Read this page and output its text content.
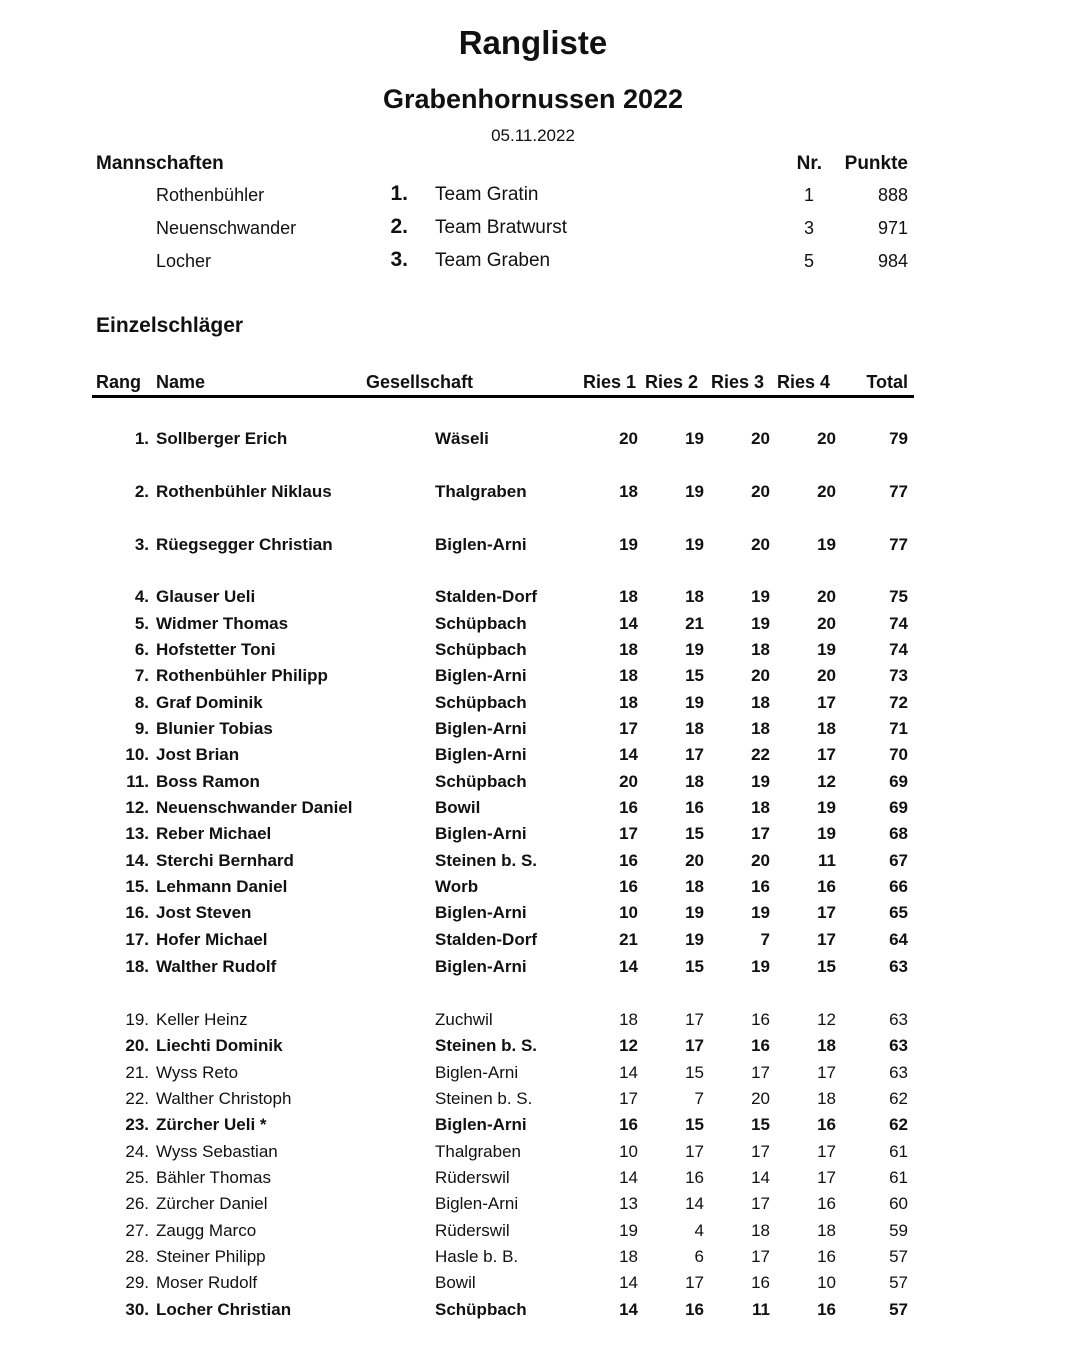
Rangliste
Grabenhornussen 2022
05.11.2022
Mannschaften	Nr.	Punkte
Rothenbühler	1. Team Gratin	1	888
Neuenschwander	2. Team Bratwurst	3	971
Locher	3. Team Graben	5	984
Einzelschläger
Rang Name	Gesellschaft	Ries 1 Ries 2 Ries 3 Ries 4	Total
1. Sollberger Erich	Wäseli	20	19	20	20	79
2. Rothenbühler Niklaus	Thalgraben	18	19	20	20	77
3. Rüegsegger Christian	Biglen-Arni	19	19	20	19	77
4. Glauser Ueli	Stalden-Dorf	18	18	19	20	75
5. Widmer Thomas	Schüpbach	14	21	19	20	74
6. Hofstetter Toni	Schüpbach	18	19	18	19	74
7. Rothenbühler Philipp	Biglen-Arni	18	15	20	20	73
8. Graf Dominik	Schüpbach	18	19	18	17	72
9. Blunier Tobias	Biglen-Arni	17	18	18	18	71
10. Jost Brian	Biglen-Arni	14	17	22	17	70
11. Boss Ramon	Schüpbach	20	18	19	12	69
12. Neuenschwander Daniel	Bowil	16	16	18	19	69
13. Reber Michael	Biglen-Arni	17	15	17	19	68
14. Sterchi Bernhard	Steinen b. S.	16	20	20	11	67
15. Lehmann Daniel	Worb	16	18	16	16	66
16. Jost Steven	Biglen-Arni	10	19	19	17	65
17. Hofer Michael	Stalden-Dorf	21	19	7	17	64
18. Walther Rudolf	Biglen-Arni	14	15	19	15	63
19. Keller Heinz	Zuchwil	18	17	16	12	63
20. Liechti Dominik	Steinen b. S.	12	17	16	18	63
21. Wyss Reto	Biglen-Arni	14	15	17	17	63
22. Walther Christoph	Steinen b. S.	17	7	20	18	62
23. Zürcher Ueli *	Biglen-Arni	16	15	15	16	62
24. Wyss Sebastian	Thalgraben	10	17	17	17	61
25. Bähler Thomas	Rüderswil	14	16	14	17	61
26. Zürcher Daniel	Biglen-Arni	13	14	17	16	60
27. Zaugg Marco	Rüderswil	19	4	18	18	59
28. Steiner Philipp	Hasle b. B.	18	6	17	16	57
29. Moser Rudolf	Bowil	14	17	16	10	57
30. Locher Christian	Schüpbach	14	16	11	16	57
